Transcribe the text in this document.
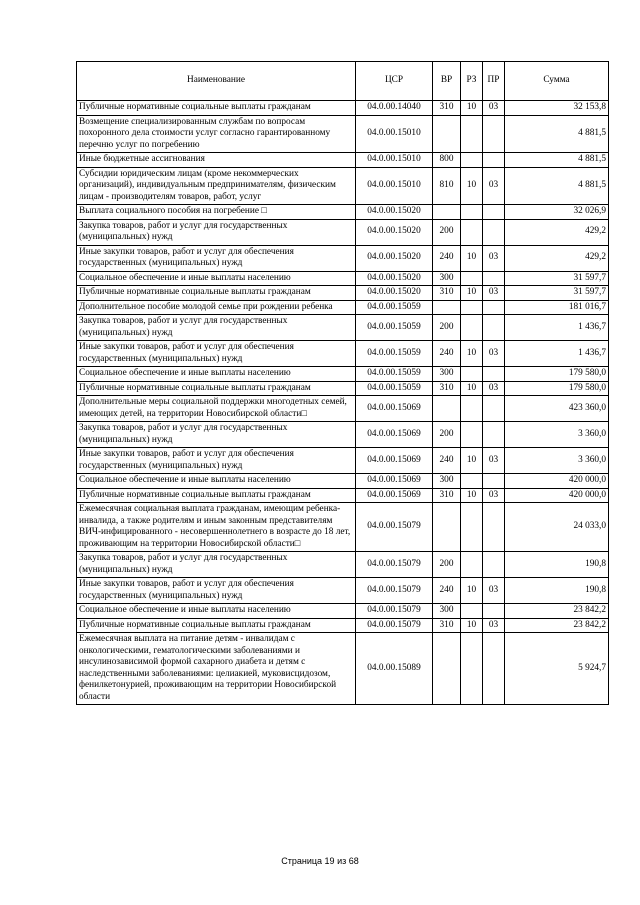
Наименование	ЦСР	ВР	РЗ	ПР	Сумма
Публичные нормативные социальные выплаты гражданам	04.0.00.14040	310	10	03	32 153,8
Возмещение специализированным службам по вопросам похоронного дела стоимости услуг согласно гарантированному перечню услуг по погребению	04.0.00.15010				4 881,5
Иные бюджетные ассигнования	04.0.00.15010	800			4 881,5
Субсидии юридическим лицам (кроме некоммерческих организаций), индивидуальным предпринимателям, физическим лицам - производителям товаров, работ, услуг	04.0.00.15010	810	10	03	4 881,5
Выплата социального пособия на погребение □	04.0.00.15020				32 026,9
Закупка товаров, работ и услуг для государственных (муниципальных) нужд	04.0.00.15020	200			429,2
Иные закупки товаров, работ и услуг для обеспечения государственных (муниципальных) нужд	04.0.00.15020	240	10	03	429,2
Социальное обеспечение и иные выплаты населению	04.0.00.15020	300			31 597,7
Публичные нормативные социальные выплаты гражданам	04.0.00.15020	310	10	03	31 597,7
Дополнительное пособие молодой семье при рождении ребенка	04.0.00.15059				181 016,7
Закупка товаров, работ и услуг для государственных (муниципальных) нужд	04.0.00.15059	200			1 436,7
Иные закупки товаров, работ и услуг для обеспечения государственных (муниципальных) нужд	04.0.00.15059	240	10	03	1 436,7
Социальное обеспечение и иные выплаты населению	04.0.00.15059	300			179 580,0
Публичные нормативные социальные выплаты гражданам	04.0.00.15059	310	10	03	179 580,0
Дополнительные меры социальной поддержки многодетных семей, имеющих детей, на территории Новосибирской области□	04.0.00.15069				423 360,0
Закупка товаров, работ и услуг для государственных (муниципальных) нужд	04.0.00.15069	200			3 360,0
Иные закупки товаров, работ и услуг для обеспечения государственных (муниципальных) нужд	04.0.00.15069	240	10	03	3 360,0
Социальное обеспечение и иные выплаты населению	04.0.00.15069	300			420 000,0
Публичные нормативные социальные выплаты гражданам	04.0.00.15069	310	10	03	420 000,0
Ежемесячная социальная выплата гражданам, имеющим ребенка-инвалида, а также родителям и иным законным представителям ВИЧ-инфицированного - несовершеннолетнего в возрасте до 18 лет, проживающим на территории Новосибирской области□	04.0.00.15079				24 033,0
Закупка товаров, работ и услуг для государственных (муниципальных) нужд	04.0.00.15079	200			190,8
Иные закупки товаров, работ и услуг для обеспечения государственных (муниципальных) нужд	04.0.00.15079	240	10	03	190,8
Социальное обеспечение и иные выплаты населению	04.0.00.15079	300			23 842,2
Публичные нормативные социальные выплаты гражданам	04.0.00.15079	310	10	03	23 842,2
Ежемесячная выплата на питание детям - инвалидам с онкологическими, гематологическими заболеваниями и инсулинозависимой формой сахарного диабета и детям с наследственными заболеваниями: целиакией, муковисцидозом, фенилкетонурией, проживающим на территории Новосибирской области	04.0.00.15089				5 924,7
Страница 19 из 68
